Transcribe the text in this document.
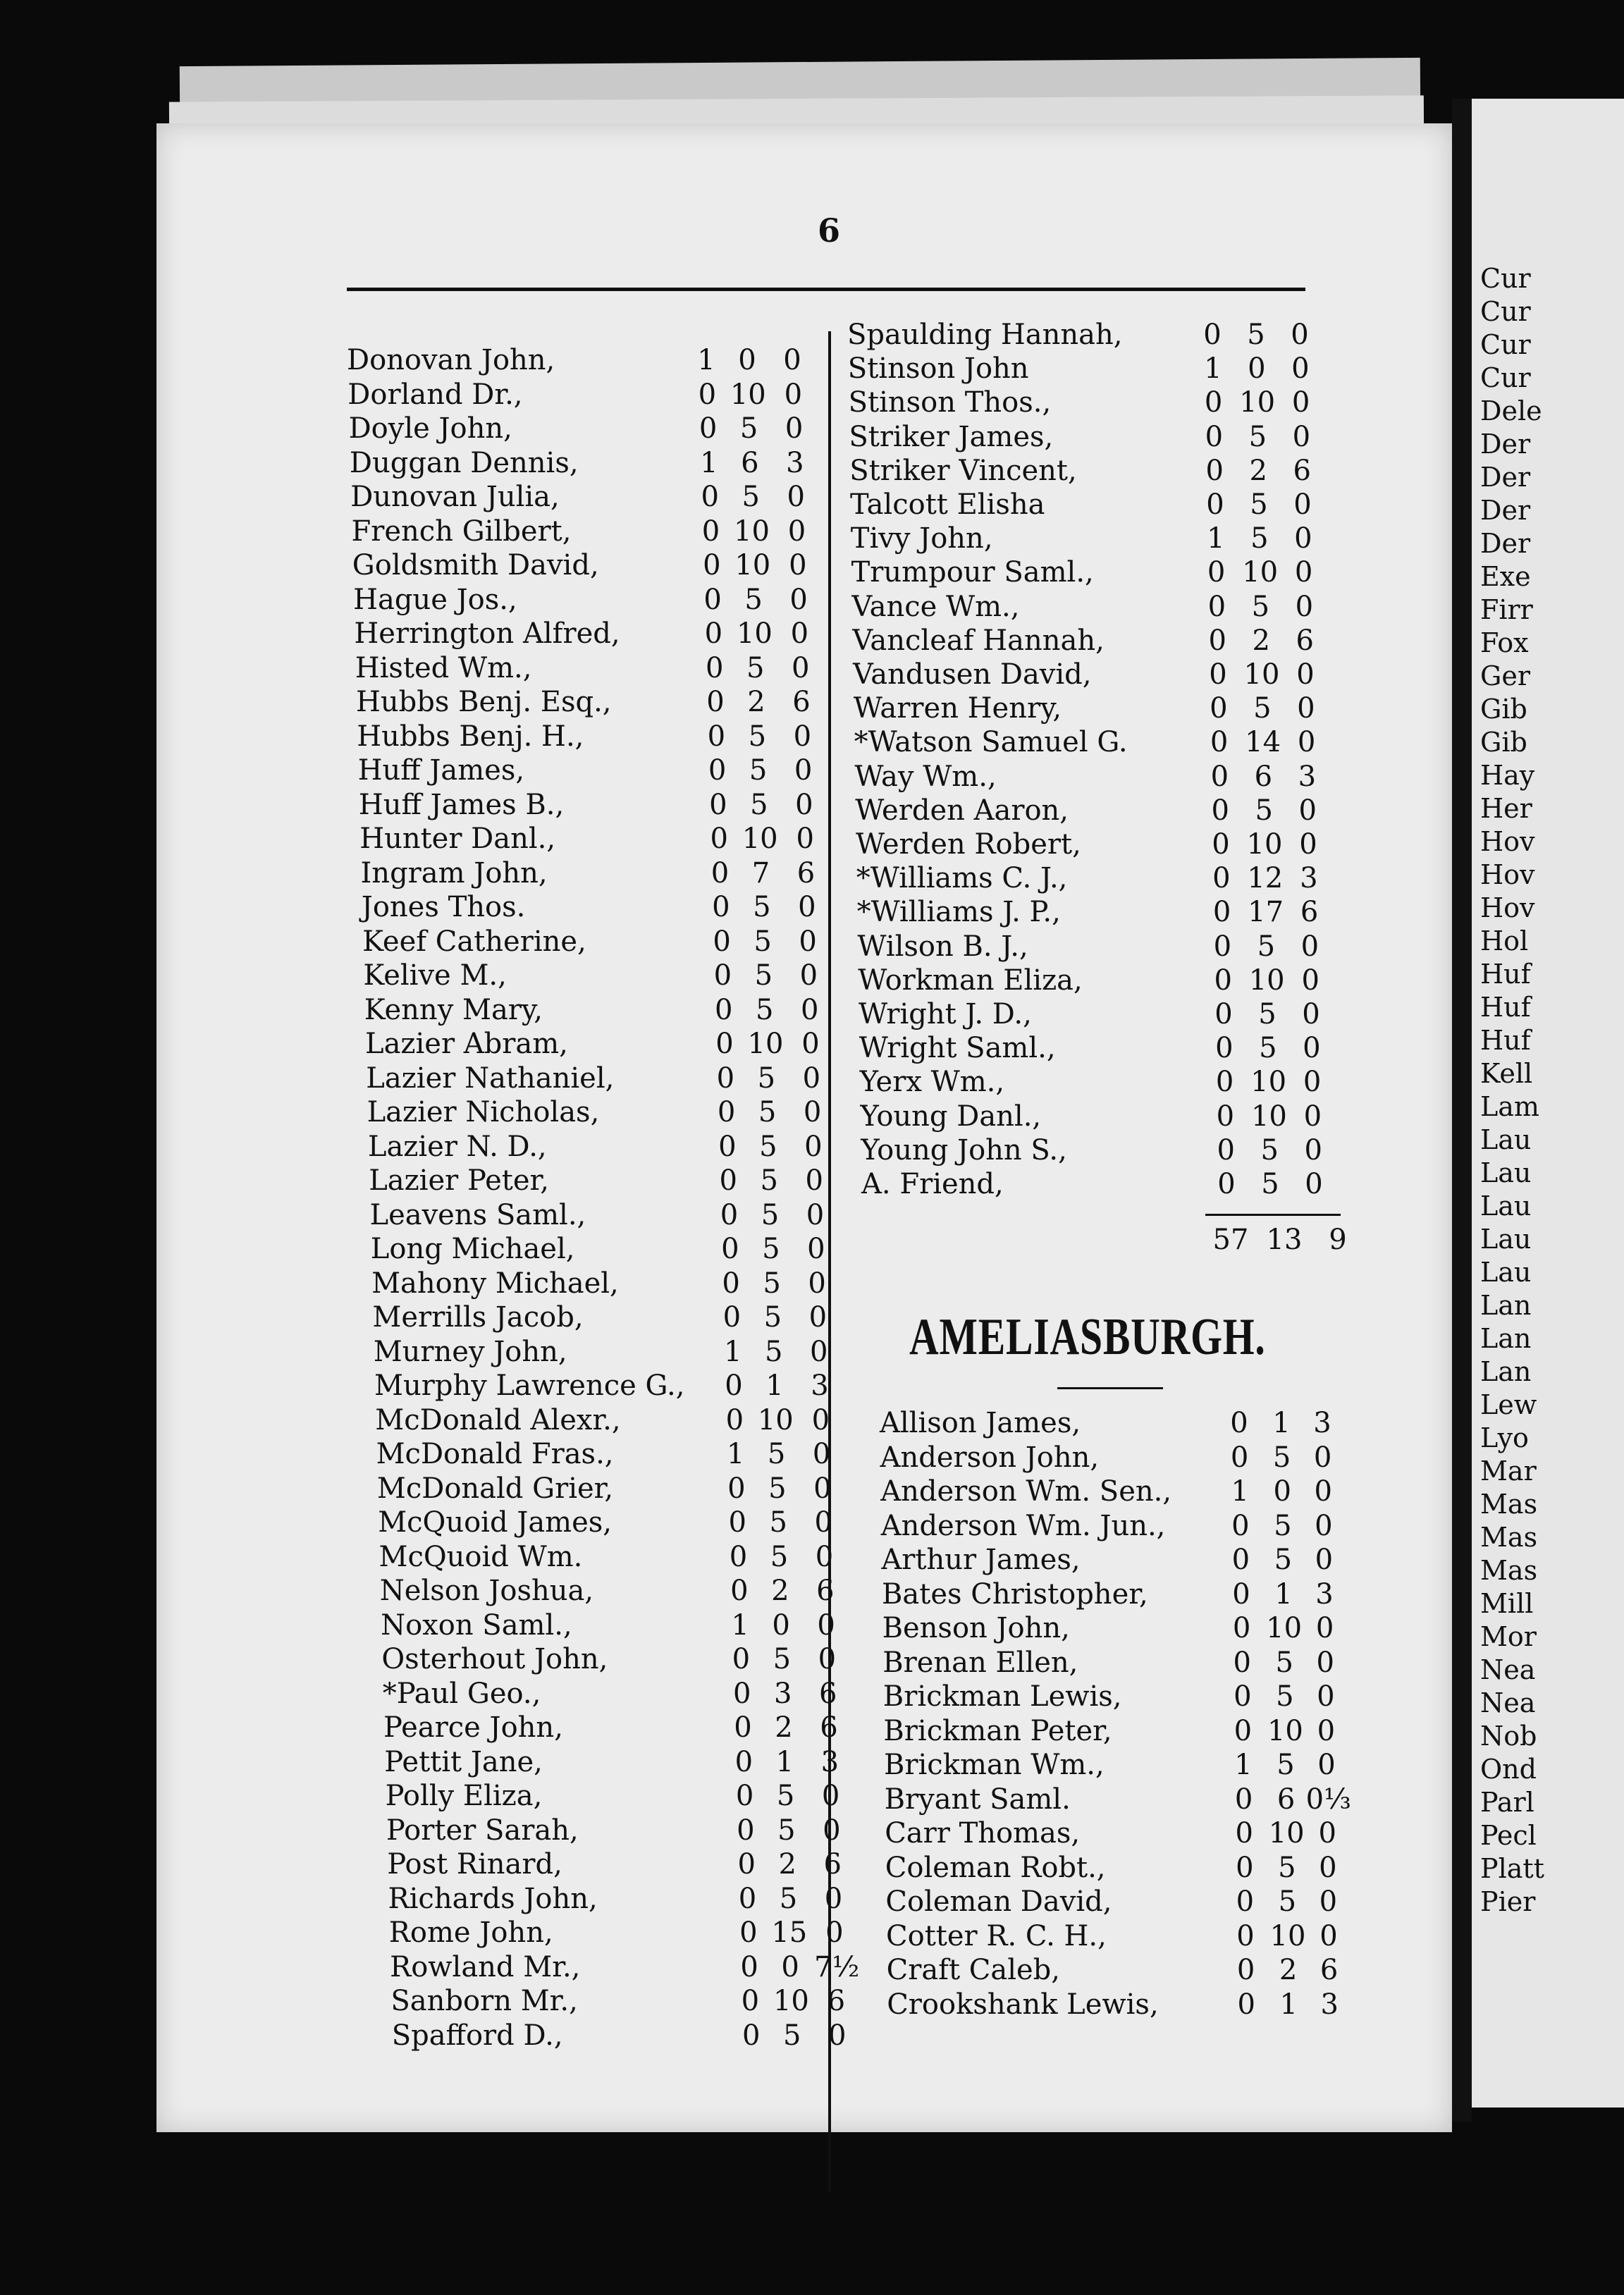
Cur
Cur
Cur
Cur
Dele
Der
Der
Der
Der
Exe
Firr
Fox
Ger
Gib
Gib
Hay
Her
Hov
Hov
Hov
Hol
Huf
Huf
Huf
Kell
Lam
Lau
Lau
Lau
Lau
Lau
Lan
Lan
Lan
Lew
Lyo
Mar
Mas
Mas
Mas
Mill
Mor
Nea
Nea
Nob
Ond
Parl
Pecl
Platt
Pier
6
Donovan John,	1 0 0
Dorland Dr.,	0 10 0
Doyle John,	0 5 0
Duggan Dennis,	1 6 3
Dunovan Julia,	0 5 0
French Gilbert,	0 10 0
Goldsmith David,	0 10 0
Hague Jos.,	0 5 0
Herrington Alfred,	0 10 0
Histed Wm.,	0 5 0
Hubbs Benj. Esq.,	0 2 6
Hubbs Benj. H.,	0 5 0
Huff James,	0 5 0
Huff James B.,	0 5 0
Hunter Danl.,	0 10 0
Ingram John,	0 7 6
Jones Thos.	0 5 0
Keef Catherine,	0 5 0
Kelive M.,	0 5 0
Kenny Mary,	0 5 0
Lazier Abram,	0 10 0
Lazier Nathaniel,	0 5 0
Lazier Nicholas,	0 5 0
Lazier N. D.,	0 5 0
Lazier Peter,	0 5 0
Leavens Saml.,	0 5 0
Long Michael,	0 5 0
Mahony Michael,	0 5 0
Merrills Jacob,	0 5 0
Murney John,	1 5 0
Murphy Lawrence G.,	0 1 3
McDonald Alexr.,	0 10 0
McDonald Fras.,	1 5 0
McDonald Grier,	0 5 0
McQuoid James,	0 5 0
McQuoid Wm.	0 5 0
Nelson Joshua,	0 2 6
Noxon Saml.,	1 0 0
Osterhout John,	0 5 0
*Paul Geo.,	0 3 6
Pearce John,	0 2 6
Pettit Jane,	0 1 3
Polly Eliza,	0 5 0
Porter Sarah,	0 5 0
Post Rinard,	0 2 6
Richards John,	0 5 0
Rome John,	0 15 0
Rowland Mr.,	0 0 7½
Sanborn Mr.,	0 10 6
Spafford D.,	0 5 0
Spaulding Hannah,	0 5 0
Stinson John	1 0 0
Stinson Thos.,	0 10 0
Striker James,	0 5 0
Striker Vincent,	0 2 6
Talcott Elisha	0 5 0
Tivy John,	1 5 0
Trumpour Saml.,	0 10 0
Vance Wm.,	0 5 0
Vancleaf Hannah,	0 2 6
Vandusen David,	0 10 0
Warren Henry,	0 5 0
*Watson Samuel G.	0 14 0
Way Wm.,	0 6 3
Werden Aaron,	0 5 0
Werden Robert,	0 10 0
*Williams C. J.,	0 12 3
*Williams J. P.,	0 17 6
Wilson B. J.,	0 5 0
Workman Eliza,	0 10 0
Wright J. D.,	0 5 0
Wright Saml.,	0 5 0
Yerx Wm.,	0 10 0
Young Danl.,	0 10 0
Young John S.,	0 5 0
A. Friend,	0 5 0
57 13 9
AMELIASBURGH.
Allison James,	0 1 3
Anderson John,	0 5 0
Anderson Wm. Sen.,	1 0 0
Anderson Wm. Jun.,	0 5 0
Arthur James,	0 5 0
Bates Christopher,	0 1 3
Benson John,	0 10 0
Brenan Ellen,	0 5 0
Brickman Lewis,	0 5 0
Brickman Peter,	0 10 0
Brickman Wm.,	1 5 0
Bryant Saml.	0 6 0⅓
Carr Thomas,	0 10 0
Coleman Robt.,	0 5 0
Coleman David,	0 5 0
Cotter R. C. H.,	0 10 0
Craft Caleb,	0 2 6
Crookshank Lewis,	0 1 3
